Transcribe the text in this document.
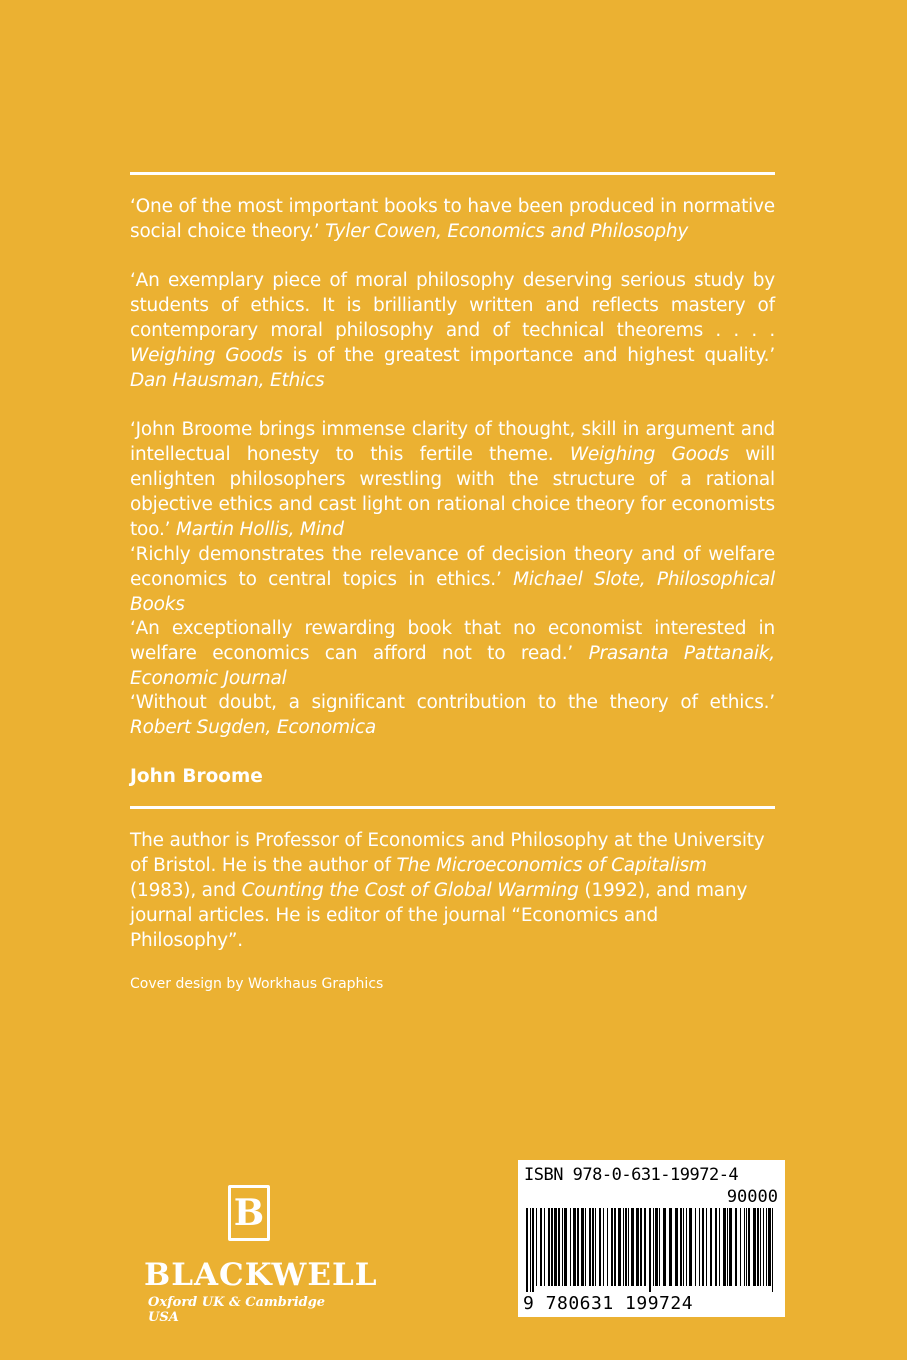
‘One of the most important books to have been produced in normative social choice theory.’ Tyler Cowen, Economics and Philosophy
‘An exemplary piece of moral philosophy deserving serious study by students of ethics. It is brilliantly written and reflects mastery of contemporary moral philosophy and of technical theorems . . . . Weighing Goods is of the greatest importance and highest quality.’ Dan Hausman, Ethics
‘John Broome brings immense clarity of thought, skill in argument and intellectual honesty to this fertile theme. Weighing Goods will enlighten philosophers wrestling with the structure of a rational objective ethics and cast light on rational choice theory for economists too.’ Martin Hollis, Mind
‘Richly demonstrates the relevance of decision theory and of welfare economics to central topics in ethics.’ Michael Slote, Philosophical Books
‘An exceptionally rewarding book that no economist interested in welfare economics can afford not to read.’ Prasanta Pattanaik, Economic Journal
‘Without doubt, a significant contribution to the theory of ethics.’ Robert Sugden, Economica
John Broome
The author is Professor of Economics and Philosophy at the University of Bristol. He is the author of The Microeconomics of Capitalism (1983), and Counting the Cost of Global Warming (1992), and many journal articles. He is editor of the journal “Economics and Philosophy”.
Cover design by Workhaus Graphics
B
BLACKWELL
Oxford UK & Cambridge USA
ISBN 978-0-631-19972-4
90000
9 780631 199724
